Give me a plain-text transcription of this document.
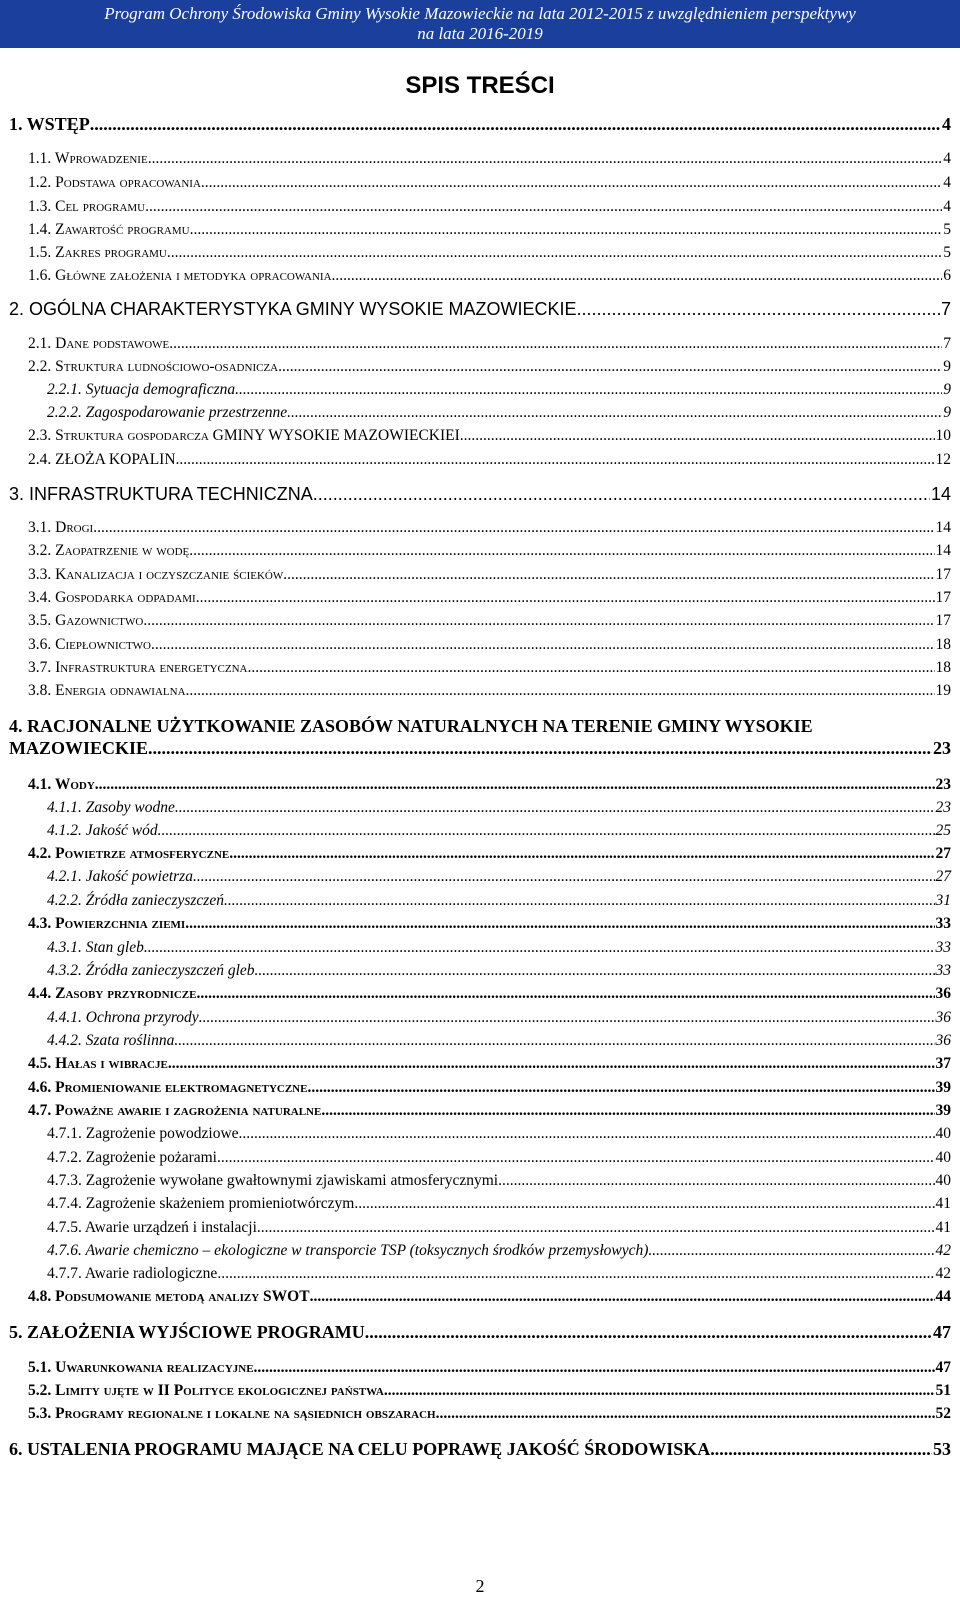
Program Ochrony Środowiska Gminy Wysokie Mazowieckie na lata 2012-2015 z uwzględnieniem perspektywy
na lata 2016-2019
SPIS TREŚCI
1. WSTĘP .....	4
1.1. Wprowadzenie .....	4
1.2. Podstawa opracowania .....	4
1.3. Cel programu .....	4
1.4. Zawartość programu .....	5
1.5. Zakres programu .....	5
1.6. Główne założenia i metodyka opracowania .....	6
2. OGÓLNA CHARAKTERYSTYKA GMINY WYSOKIE MAZOWIECKIE .....	7
2.1. Dane podstawowe .....	7
2.2. Struktura ludnościowo-osadnicza .....	9
2.2.1. Sytuacja demograficzna .....	9
2.2.2. Zagospodarowanie przestrzenne .....	9
2.3. Struktura gospodarcza GMINY WYSOKIE MAZOWIECKIEI .....	10
2.4. ZŁOŻA KOPALIN .....	12
3. INFRASTRUKTURA TECHNICZNA .....	14
3.1. Drogi .....	14
3.2. Zaopatrzenie w wodę .....	14
3.3. Kanalizacja i oczyszczanie ścieków .....	17
3.4. Gospodarka odpadami .....	17
3.5. Gazownictwo .....	17
3.6. Ciepłownictwo .....	18
3.7. Infrastruktura energetyczna .....	18
3.8. Energia odnawialna .....	19
4. RACJONALNE UŻYTKOWANIE ZASOBÓW NATURALNYCH NA TERENIE GMINY WYSOKIE
MAZOWIECKIE .....	23
4.1. Wody .....	23
4.1.1. Zasoby wodne .....	23
4.1.2. Jakość wód .....	25
4.2. Powietrze atmosferyczne .....	27
4.2.1. Jakość powietrza .....	27
4.2.2. Źródła zanieczyszczeń .....	31
4.3. Powierzchnia ziemi .....	33
4.3.1. Stan gleb .....	33
4.3.2. Źródła zanieczyszczeń gleb .....	33
4.4. Zasoby przyrodnicze .....	36
4.4.1. Ochrona przyrody .....	36
4.4.2. Szata roślinna .....	36
4.5. Hałas i wibracje .....	37
4.6. Promieniowanie elektromagnetyczne .....	39
4.7. Poważne awarie i zagrożenia naturalne .....	39
4.7.1. Zagrożenie powodziowe .....	40
4.7.2. Zagrożenie pożarami .....	40
4.7.3. Zagrożenie wywołane gwałtownymi zjawiskami atmosferycznymi .....	40
4.7.4. Zagrożenie skażeniem promieniotwórczym .....	41
4.7.5. Awarie urządzeń i instalacji .....	41
4.7.6. Awarie chemiczno – ekologiczne w transporcie TSP (toksycznych środków przemysłowych) .....	42
4.7.7. Awarie radiologiczne .....	42
4.8. Podsumowanie metodą analizy SWOT .....	44
5. ZAŁOŻENIA WYJŚCIOWE PROGRAMU .....	47
5.1. Uwarunkowania realizacyjne .....	47
5.2. Limity ujęte w II Polityce ekologicznej państwa .....	51
5.3. Programy regionalne i lokalne na sąsiednich obszarach .....	52
6. USTALENIA PROGRAMU MAJĄCE NA CELU POPRAWĘ JAKOŚĆ ŚRODOWISKA .....	53
2
